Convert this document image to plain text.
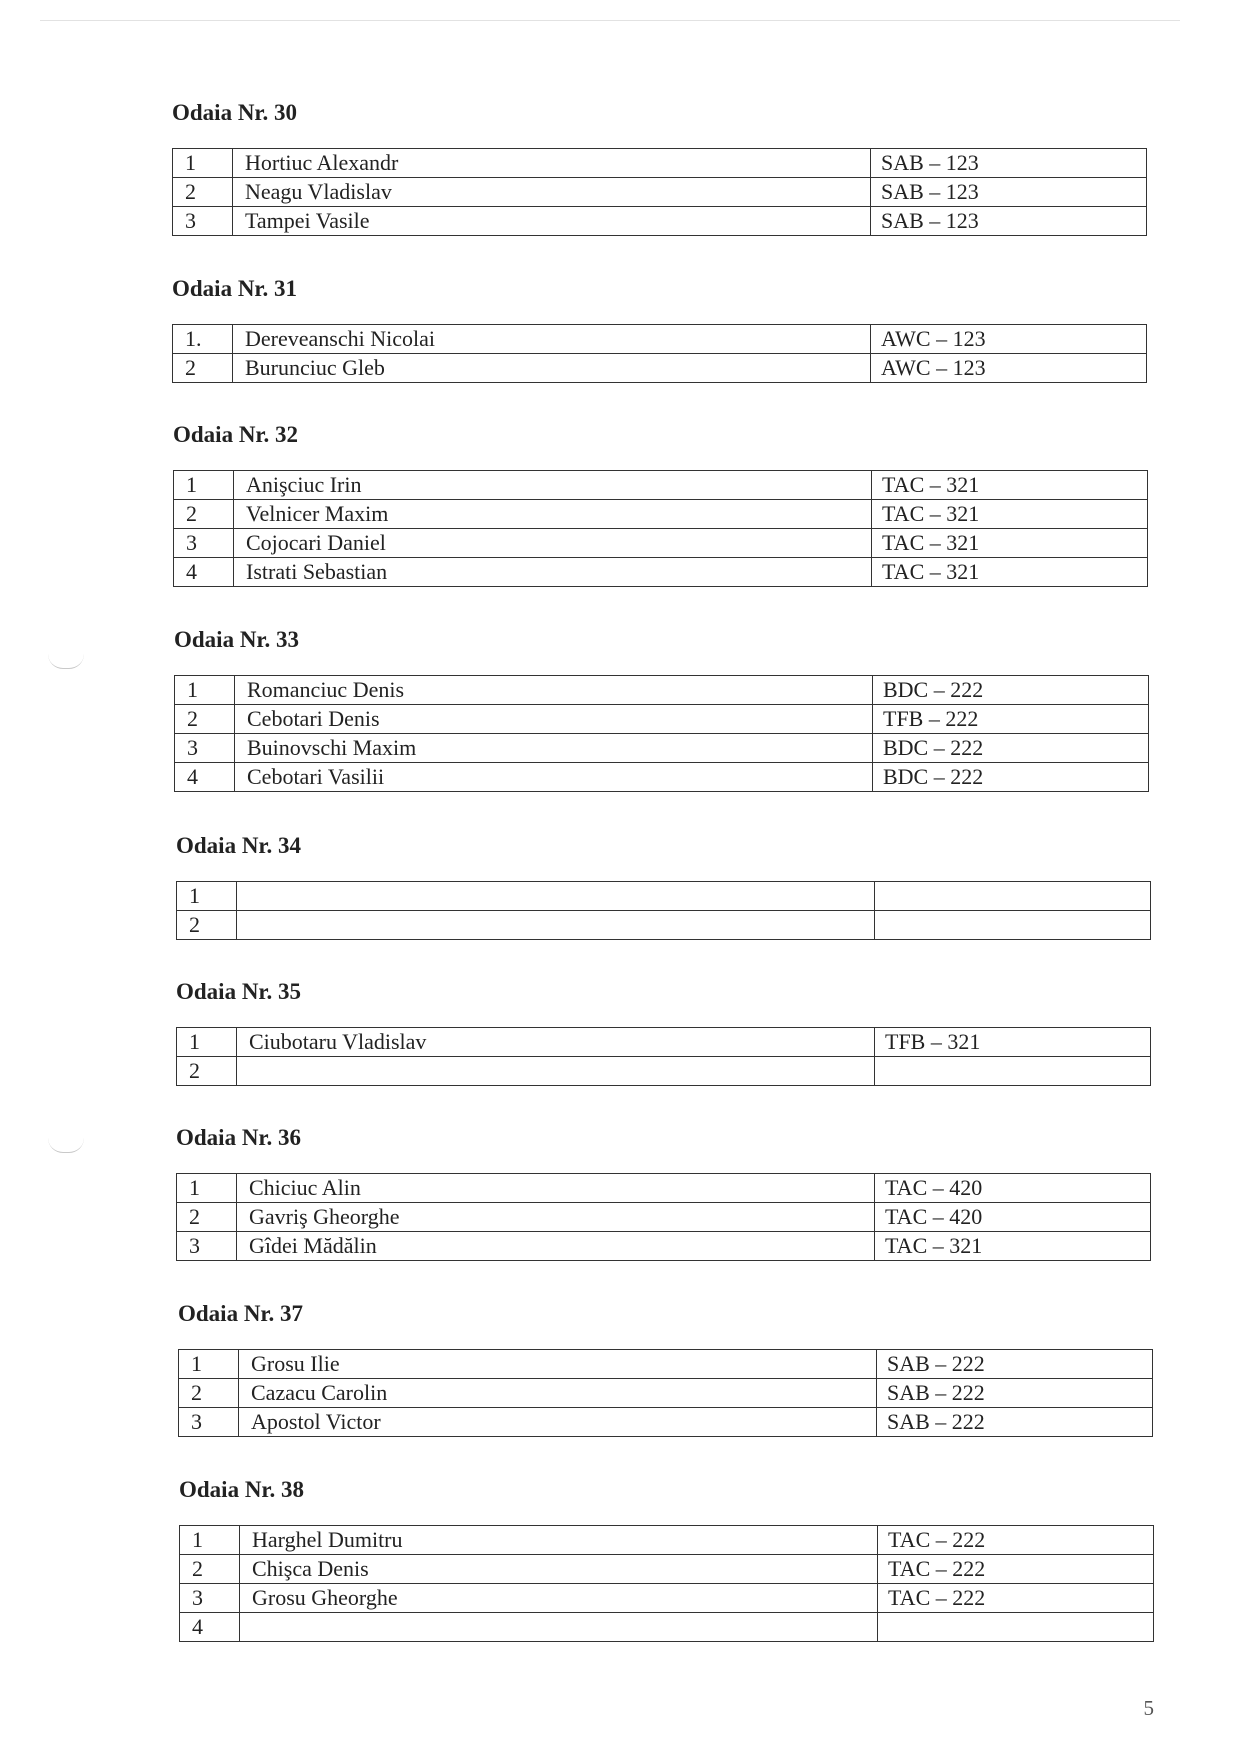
Odaia Nr. 30
1	Hortiuc Alexandr	SAB – 123
2	Neagu Vladislav	SAB – 123
3	Tampei Vasile	SAB – 123
Odaia Nr. 31
1.	Dereveanschi Nicolai	AWC – 123
2	Burunciuc Gleb	AWC – 123
Odaia Nr. 32
1	Anişciuc Irin	TAC – 321
2	Velnicer Maxim	TAC – 321
3	Cojocari Daniel	TAC – 321
4	Istrati Sebastian	TAC – 321
Odaia Nr. 33
1	Romanciuc Denis	BDC – 222
2	Cebotari Denis	TFB – 222
3	Buinovschi Maxim	BDC – 222
4	Cebotari Vasilii	BDC – 222
Odaia Nr. 34
1		
2		
Odaia Nr. 35
1	Ciubotaru Vladislav	TFB – 321
2		
Odaia Nr. 36
1	Chiciuc Alin	TAC – 420
2	Gavriş Gheorghe	TAC – 420
3	Gîdei Mădălin	TAC – 321
Odaia Nr. 37
1	Grosu Ilie	SAB – 222
2	Cazacu Carolin	SAB – 222
3	Apostol Victor	SAB – 222
Odaia Nr. 38
1	Harghel Dumitru	TAC – 222
2	Chişca Denis	TAC – 222
3	Grosu Gheorghe	TAC – 222
4		
5
